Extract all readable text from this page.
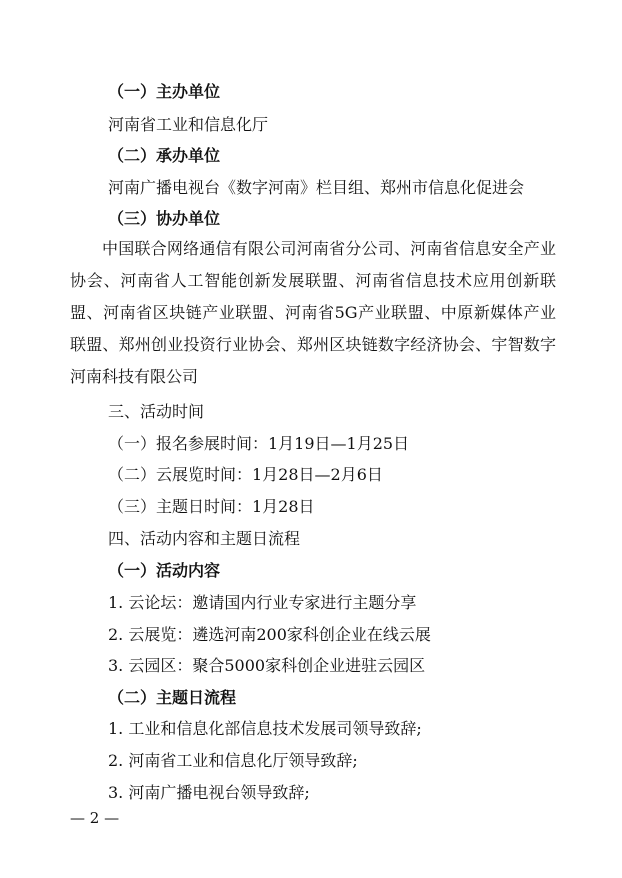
（一）主办单位
河南省工业和信息化厅
（二）承办单位
河南广播电视台《数字河南》栏目组、郑州市信息化促进会
（三）协办单位
中国联合网络通信有限公司河南省分公司、河南省信息安全产业协会、河南省人工智能创新发展联盟、河南省信息技术应用创新联盟、河南省区块链产业联盟、河南省5G产业联盟、中原新媒体产业联盟、郑州创业投资行业协会、郑州区块链数字经济协会、宇智数字河南科技有限公司
三、活动时间
（一）报名参展时间：1月19日—1月25日
（二）云展览时间：1月28日—2月6日
（三）主题日时间：1月28日
四、活动内容和主题日流程
（一）活动内容
1. 云论坛：邀请国内行业专家进行主题分享
2. 云展览：遴选河南200家科创企业在线云展
3. 云园区：聚合5000家科创企业进驻云园区
（二）主题日流程
1. 工业和信息化部信息技术发展司领导致辞;
2. 河南省工业和信息化厅领导致辞;
3. 河南广播电视台领导致辞;
— 2 —
